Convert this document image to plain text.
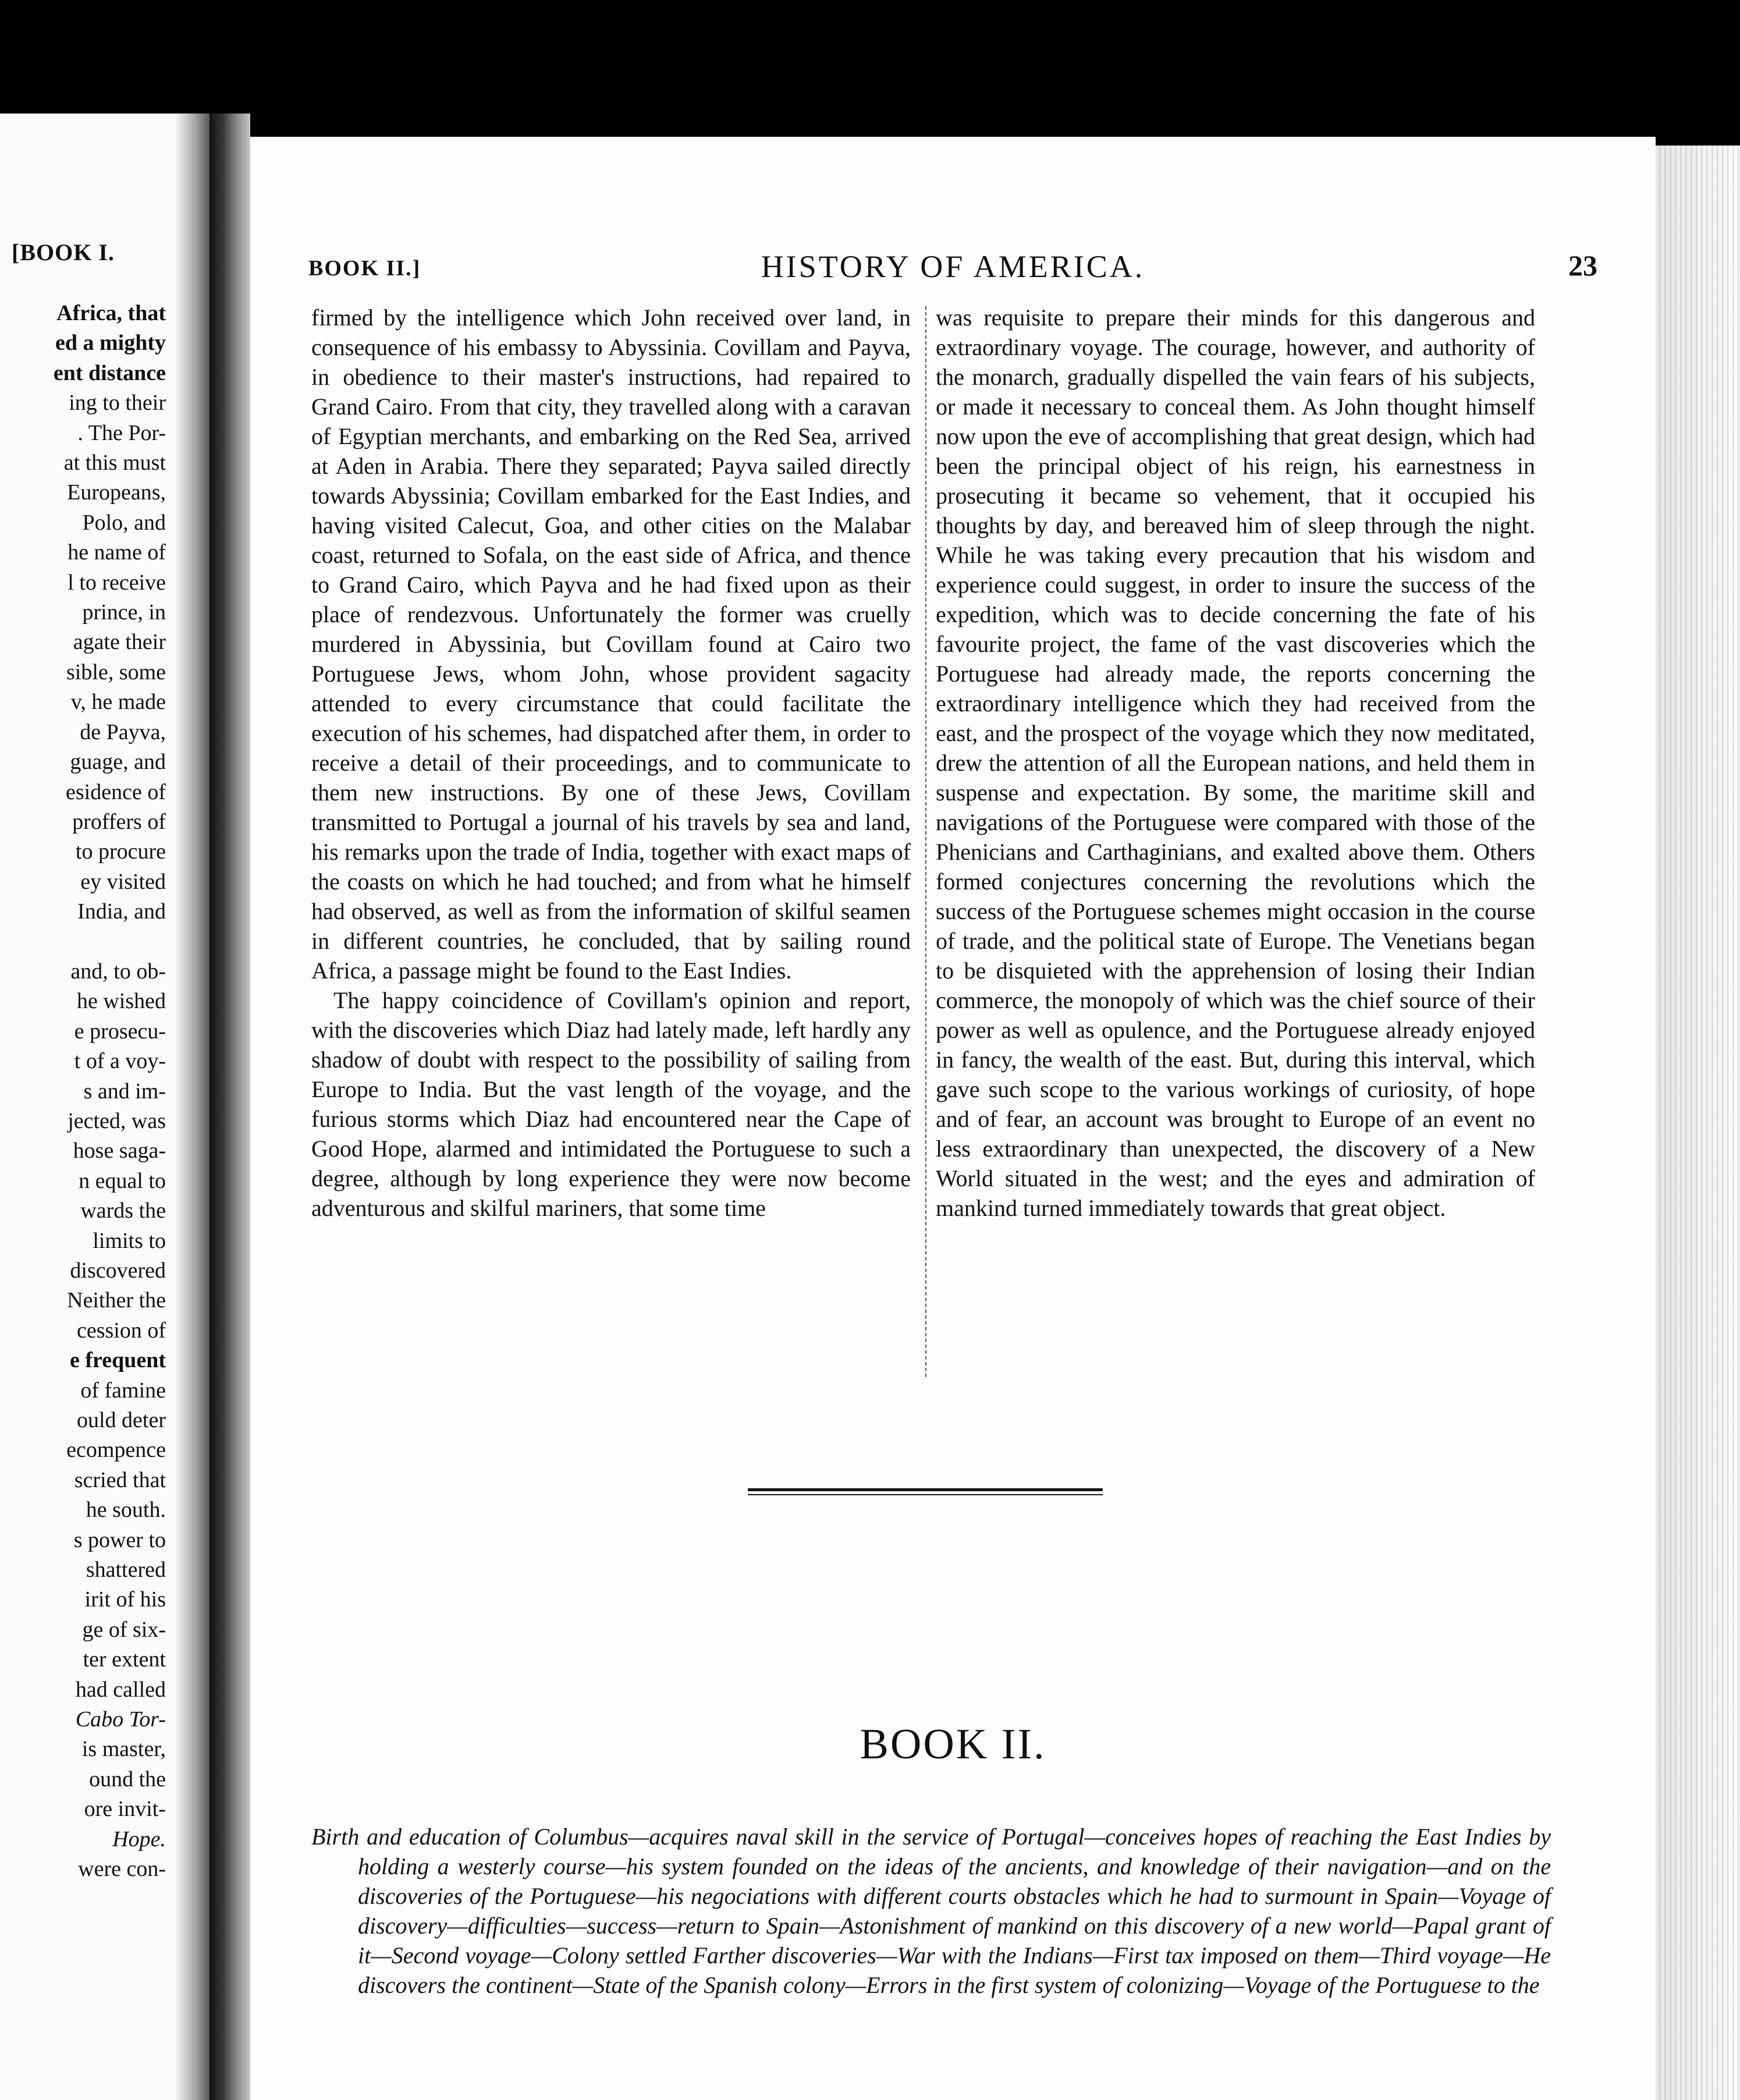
[BOOK I.
Africa, that
ed a mighty
ent distance
ing to their
. The Por-
at this must
Europeans,
Polo, and
he name of
l to receive
prince, in
agate their
sible, some
v, he made
de Payva,
guage, and
esidence of
proffers of
to procure
ey visited
India, and
and, to ob-
he wished
e prosecu-
t of a voy-
s and im-
jected, was
hose saga-
n equal to
wards the
limits to
discovered
Neither the
cession of
e frequent
of famine
ould deter
ecompence
scried that
he south.
s power to
shattered
irit of his
ge of six-
ter extent
had called
Cabo Tor-
is master,
ound the
ore invit-
Hope.
were con-
BOOK II.]	HISTORY OF AMERICA.	23

firmed by the intelligence which John received over land, in consequence of his embassy to Abyssinia. Covillam and Payva, in obedience to their master's instructions, had repaired to Grand Cairo. From that city, they travelled along with a caravan of Egyptian merchants, and embarking on the Red Sea, arrived at Aden in Arabia. There they separated; Payva sailed directly towards Abyssinia; Covillam embarked for the East Indies, and having visited Calecut, Goa, and other cities on the Malabar coast, returned to Sofala, on the east side of Africa, and thence to Grand Cairo, which Payva and he had fixed upon as their place of rendezvous. Unfortunately the former was cruelly murdered in Abyssinia, but Covillam found at Cairo two Portuguese Jews, whom John, whose provident sagacity attended to every circumstance that could facilitate the execution of his schemes, had dispatched after them, in order to receive a detail of their proceedings, and to communicate to them new instructions. By one of these Jews, Covillam transmitted to Portugal a journal of his travels by sea and land, his remarks upon the trade of India, together with exact maps of the coasts on which he had touched; and from what he himself had observed, as well as from the information of skilful seamen in different countries, he concluded, that by sailing round Africa, a passage might be found to the East Indies.

The happy coincidence of Covillam's opinion and report, with the discoveries which Diaz had lately made, left hardly any shadow of doubt with respect to the possibility of sailing from Europe to India. But the vast length of the voyage, and the furious storms which Diaz had encountered near the Cape of Good Hope, alarmed and intimidated the Portuguese to such a degree, although by long experience they were now become adventurous and skilful mariners, that some time

was requisite to prepare their minds for this dangerous and extraordinary voyage. The courage, however, and authority of the monarch, gradually dispelled the vain fears of his subjects, or made it necessary to conceal them. As John thought himself now upon the eve of accomplishing that great design, which had been the principal object of his reign, his earnestness in prosecuting it became so vehement, that it occupied his thoughts by day, and bereaved him of sleep through the night. While he was taking every precaution that his wisdom and experience could suggest, in order to insure the success of the expedition, which was to decide concerning the fate of his favourite project, the fame of the vast discoveries which the Portuguese had already made, the reports concerning the extraordinary intelligence which they had received from the east, and the prospect of the voyage which they now meditated, drew the attention of all the European nations, and held them in suspense and expectation. By some, the maritime skill and navigations of the Portuguese were compared with those of the Phenicians and Carthaginians, and exalted above them. Others formed conjectures concerning the revolutions which the success of the Portuguese schemes might occasion in the course of trade, and the political state of Europe. The Venetians began to be disquieted with the apprehension of losing their Indian commerce, the monopoly of which was the chief source of their power as well as opulence, and the Portuguese already enjoyed in fancy, the wealth of the east. But, during this interval, which gave such scope to the various workings of curiosity, of hope and of fear, an account was brought to Europe of an event no less extraordinary than unexpected, the discovery of a New World situated in the west; and the eyes and admiration of mankind turned immediately towards that great object.

BOOK II.
Birth and education of Columbus—acquires naval skill in the service of Portugal—conceives hopes of reaching the East Indies by holding a westerly course—his system founded on the ideas of the ancients, and knowledge of their navigation—and on the discoveries of the Portuguese—his negociations with different courts obstacles which he had to surmount in Spain—Voyage of discovery—difficulties—success—return to Spain—Astonishment of mankind on this discovery of a new world—Papal grant of it—Second voyage—Colony settled Farther discoveries—War with the Indians—First tax imposed on them—Third voyage—He discovers the continent—State of the Spanish colony—Errors in the first system of colonizing—Voyage of the Portuguese to the
